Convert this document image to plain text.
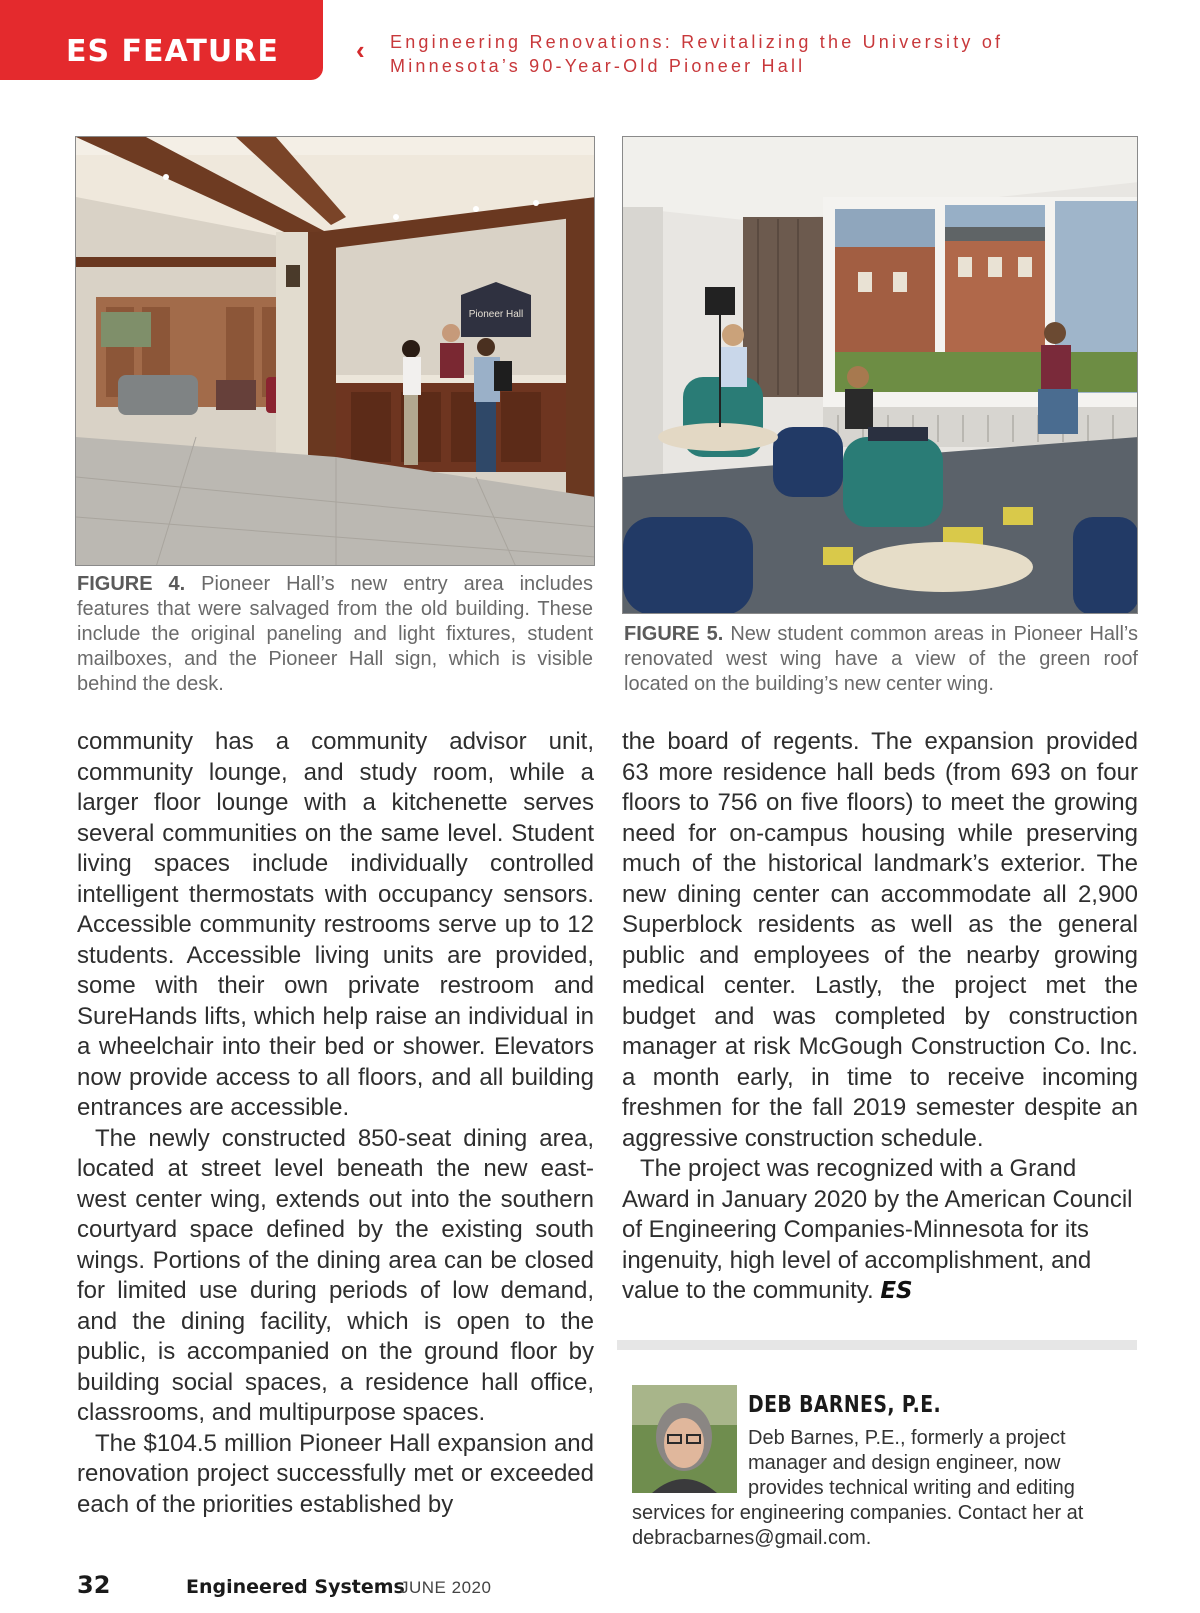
ES FEATURE	‹ Engineering Renovations: Revitalizing the University of
Minnesota’s 90-Year-Old Pioneer Hall
Pioneer Hall
FIGURE 4. Pioneer Hall’s new entry area includes features that were salvaged from the old building. These include the original paneling and light fixtures, student mailboxes, and the Pioneer Hall sign, which is visible behind the desk.
FIGURE 5. New student common areas in Pioneer Hall’s renovated west wing have a view of the green roof located on the building’s new center wing.

community has a community advisor unit, community lounge, and study room, while a larger floor lounge with a kitchenette serves several communities on the same level. Student living spaces include individually controlled intelligent thermostats with occupancy sensors. Accessible community restrooms serve up to 12 students. Accessible living units are provided, some with their own private restroom and SureHands lifts, which help raise an individual in a wheelchair into their bed or shower. Elevators now provide access to all floors, and all building entrances are accessible.

The newly constructed 850-seat dining area, located at street level beneath the new east-west center wing, extends out into the southern courtyard space defined by the existing south wings. Portions of the dining area can be closed for limited use during periods of low demand, and the dining facility, which is open to the public, is accompanied on the ground floor by building social spaces, a residence hall office, classrooms, and multipurpose spaces.

The $104.5 million Pioneer Hall expansion and renovation project successfully met or exceeded each of the priorities established by

the board of regents. The expansion provided 63 more residence hall beds (from 693 on four floors to 756 on five floors) to meet the growing need for on-campus housing while preserving much of the historical landmark’s exterior. The new dining center can accommodate all 2,900 Superblock residents as well as the general public and employees of the nearby growing medical center. Lastly, the project met the budget and was completed by construction manager at risk McGough Construction Co. Inc. a month early, in time to receive incoming freshmen for the fall 2019 semester despite an aggressive construction schedule.

The project was recognized with a Grand Award in January 2020 by the American Council of Engineering Companies-Minnesota for its ingenuity, high level of accomplishment, and value to the community. ES

DEB BARNES, P.E.
Deb Barnes, P.E., formerly a project
manager and design engineer, now
provides technical writing and editing
services for engineering companies. Contact her at
debracbarnes@gmail.com.
32	Engineered Systems
JUNE 2020
